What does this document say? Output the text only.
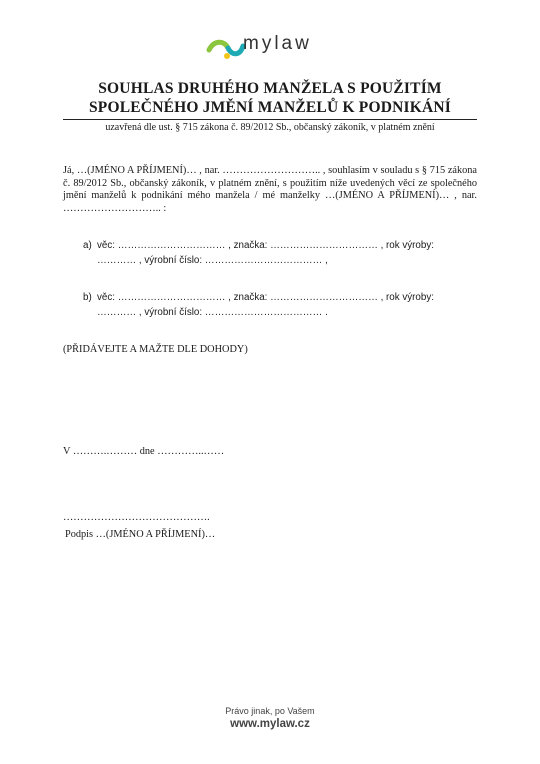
mylaw
SOUHLAS DRUHÉHO MANŽELA S POUŽITÍM
SPOLEČNÉHO JMĚNÍ MANŽELŮ K PODNIKÁNÍ
uzavřená dle ust. § 715 zákona č. 89/2012 Sb., občanský zákoník, v platném znění
Já, …(JMÉNO A PŘÍJMENÍ)… , nar. ……………………….. , souhlasím v souladu s § 715 zákona č. 89/2012 Sb., občanský zákoník, v platném znění, s použitím níže uvedených věcí ze společného jmění manželů k podnikání mého manžela / mé manželky …(JMÉNO A PŘÍJMENÍ)… , nar. ……………………….. :
a) věc: …………………………… , značka: …………………………… , rok výroby:
………… , výrobní číslo: ……………………………… ,
b) věc: …………………………… , značka: …………………………… , rok výroby:
………… , výrobní číslo: ……………………………… .
(PŘIDÁVEJTE A MAŽTE DLE DOHODY)
V ……….……… dne …………..……
…………………………………….
Podpis …(JMÉNO A PŘÍJMENÍ)…
Právo jinak, po Vašem
www.mylaw.cz
